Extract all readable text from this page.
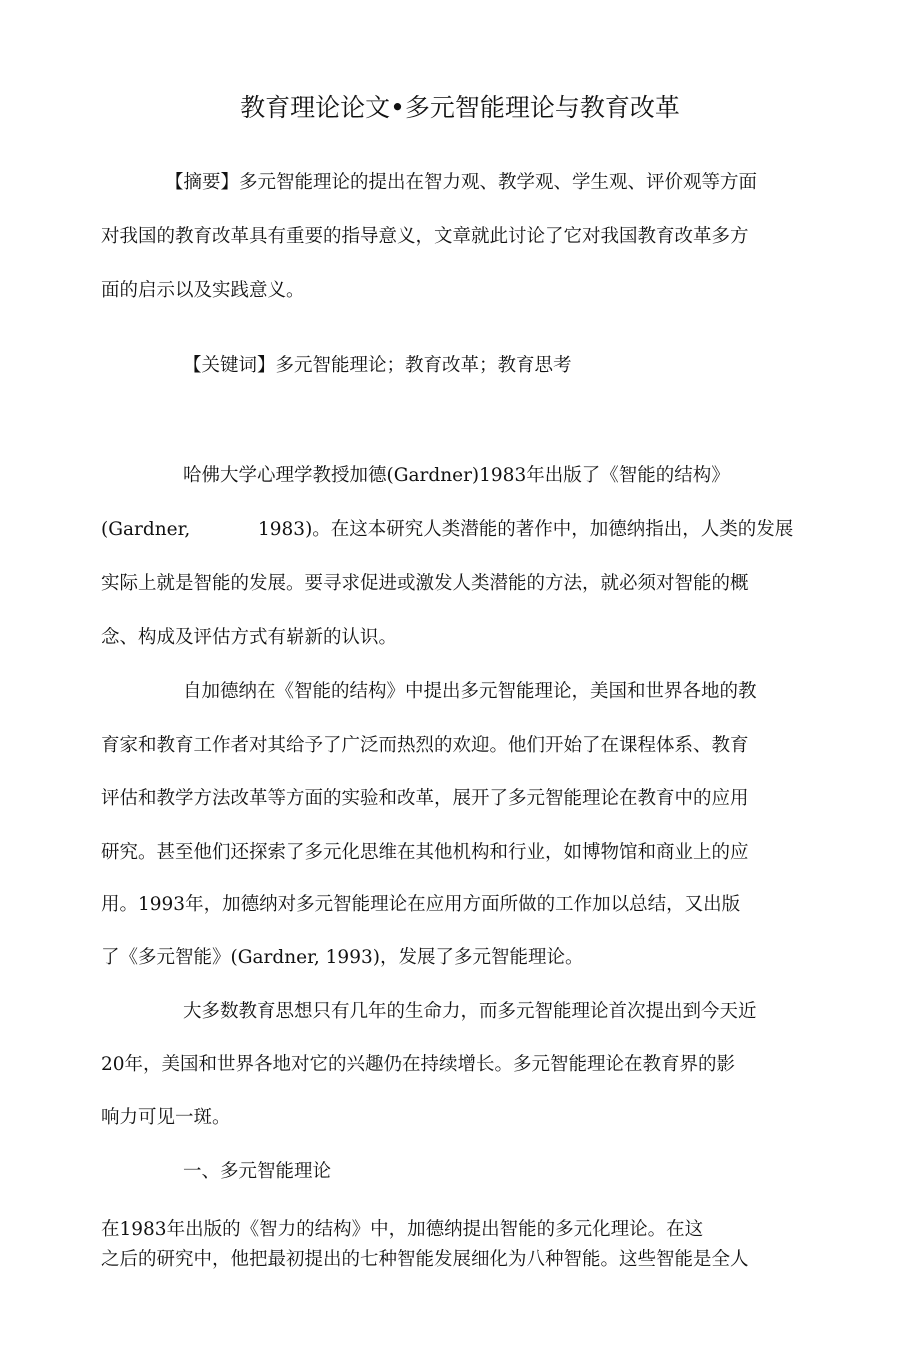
教育理论论文•多元智能理论与教育改革
【摘要】多元智能理论的提出在智力观、教学观、学生观、评价观等方面
对我国的教育改革具有重要的指导意义，文章就此讨论了它对我国教育改革多方
面的启示以及实践意义。
【关键词】多元智能理论；教育改革；教育思考
哈佛大学心理学教授加德(Gardner)1983年出版了《智能的结构》
(Gardner,	1983)。在这本研究人类潜能的著作中，加德纳指出，人类的发展
实际上就是智能的发展。要寻求促进或激发人类潜能的方法，就必须对智能的概
念、构成及评估方式有崭新的认识。
自加德纳在《智能的结构》中提出多元智能理论，美国和世界各地的教
育家和教育工作者对其给予了广泛而热烈的欢迎。他们开始了在课程体系、教育
评估和教学方法改革等方面的实验和改革，展开了多元智能理论在教育中的应用
研究。甚至他们还探索了多元化思维在其他机构和行业，如博物馆和商业上的应
用。1993年，加德纳对多元智能理论在应用方面所做的工作加以总结，又出版
了《多元智能》(Gardner, 1993)，发展了多元智能理论。
大多数教育思想只有几年的生命力，而多元智能理论首次提出到今天近
20年，美国和世界各地对它的兴趣仍在持续增长。多元智能理论在教育界的影
响力可见一斑。
一、多元智能理论
在1983年出版的《智力的结构》中，加德纳提出智能的多元化理论。在这
之后的研究中，他把最初提出的七种智能发展细化为八种智能。这些智能是全人
